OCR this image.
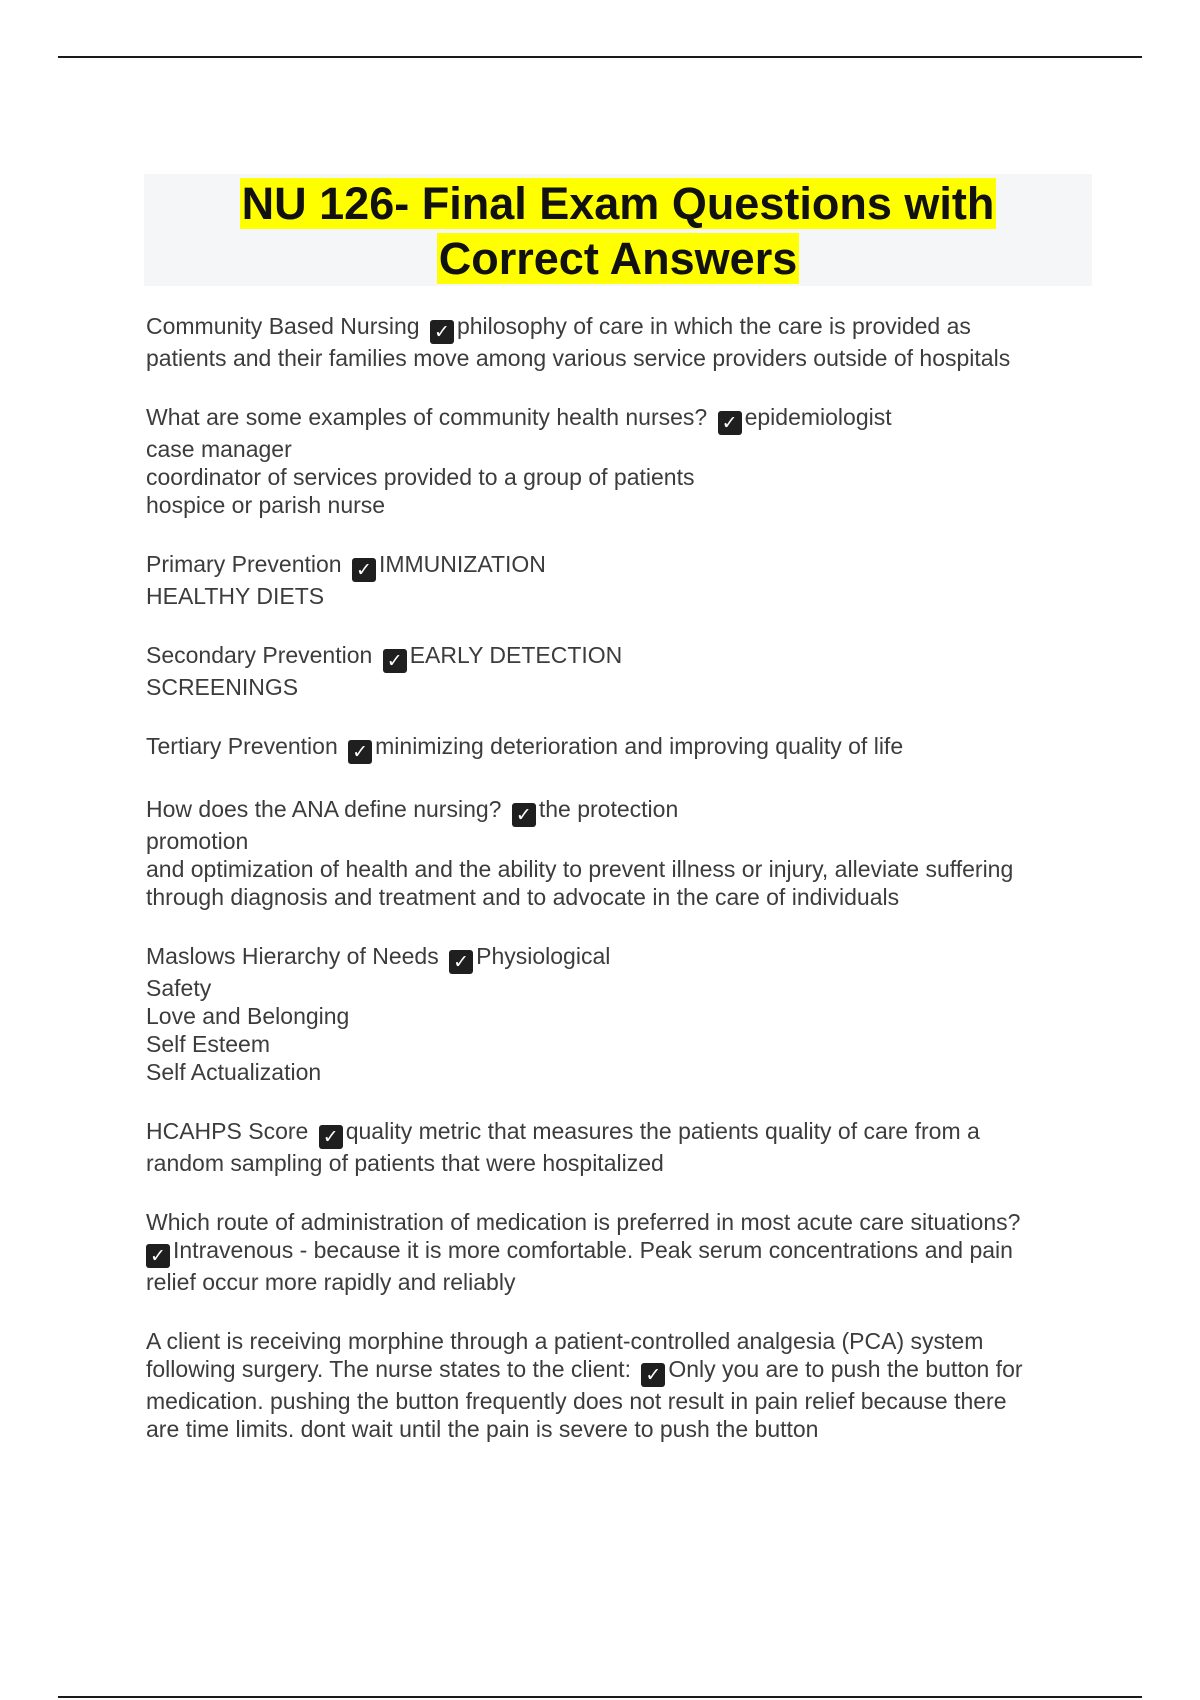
NU 126- Final Exam Questions with
Correct Answers

Community Based Nursing ✓ philosophy of care in which the care is provided as
patients and their families move among various service providers outside of hospitals

What are some examples of community health nurses? ✓ epidemiologist
case manager
coordinator of services provided to a group of patients
hospice or parish nurse

Primary Prevention ✓ IMMUNIZATION
HEALTHY DIETS

Secondary Prevention ✓ EARLY DETECTION
SCREENINGS

Tertiary Prevention ✓ minimizing deterioration and improving quality of life

How does the ANA define nursing? ✓ the protection
promotion
and optimization of health and the ability to prevent illness or injury, alleviate suffering
through diagnosis and treatment and to advocate in the care of individuals

Maslows Hierarchy of Needs ✓ Physiological
Safety
Love and Belonging
Self Esteem
Self Actualization

HCAHPS Score ✓ quality metric that measures the patients quality of care from a
random sampling of patients that were hospitalized

Which route of administration of medication is preferred in most acute care situations?
✓ Intravenous - because it is more comfortable. Peak serum concentrations and pain
relief occur more rapidly and reliably

A client is receiving morphine through a patient-controlled analgesia (PCA) system
following surgery. The nurse states to the client: ✓ Only you are to push the button for
medication. pushing the button frequently does not result in pain relief because there
are time limits. dont wait until the pain is severe to push the button
